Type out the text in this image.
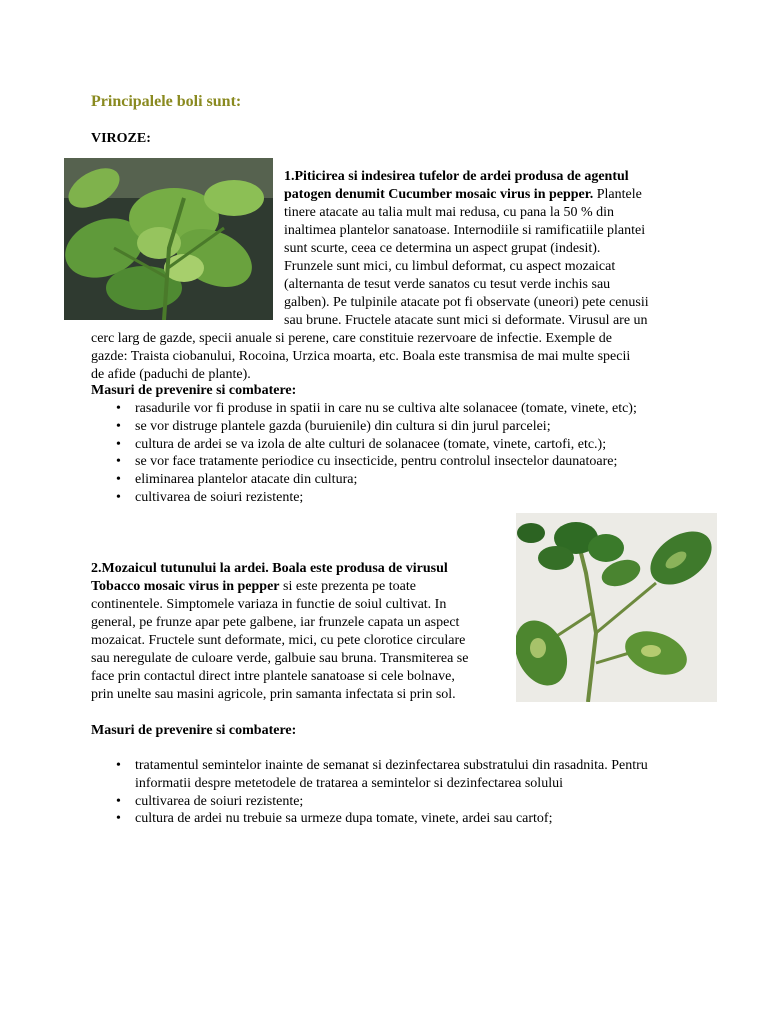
Principalele boli sunt:
VIROZE:
1.Piticirea si indesirea tufelor de ardei produsa de agentul
patogen denumit Cucumber mosaic virus in pepper. Plantele
tinere atacate au talia mult mai redusa, cu pana la 50 % din
inaltimea plantelor sanatoase. Internodiile si ramificatiile plantei
sunt scurte, ceea ce determina un aspect grupat (indesit).
Frunzele sunt mici, cu limbul deformat, cu aspect mozaicat
(alternanta de tesut verde sanatos cu tesut verde inchis sau
galben). Pe tulpinile atacate pot fi observate (uneori) pete cenusii
sau brune. Fructele atacate sunt mici si deformate. Virusul are un
cerc larg de gazde, specii anuale si perene, care constituie rezervoare de infectie. Exemple de
gazde: Traista ciobanului, Rocoina, Urzica moarta, etc. Boala este transmisa de mai multe specii
de afide (paduchi de plante).
Masuri de prevenire si combatere:
• rasadurile vor fi produse in spatii in care nu se cultiva alte solanacee (tomate, vinete, etc);
• se vor distruge plantele gazda (buruienile) din cultura si din jurul parcelei;
• cultura de ardei se va izola de alte culturi de solanacee (tomate, vinete, cartofi, etc.);
• se vor face tratamente periodice cu insecticide, pentru controlul insectelor daunatoare;
• eliminarea plantelor atacate din cultura;
• cultivarea de soiuri rezistente;
2.Mozaicul tutunului la ardei. Boala este produsa de virusul
Tobacco mosaic virus in pepper si este prezenta pe toate
continentele. Simptomele variaza in functie de soiul cultivat. In
general, pe frunze apar pete galbene, iar frunzele capata un aspect
mozaicat. Fructele sunt deformate, mici, cu pete clorotice circulare
sau neregulate de culoare verde, galbuie sau bruna. Transmiterea se
face prin contactul direct intre plantele sanatoase si cele bolnave,
prin unelte sau masini agricole, prin samanta infectata si prin sol.
Masuri de prevenire si combatere:
• tratamentul semintelor inainte de semanat si dezinfectarea substratului din rasadnita. Pentru informatii despre metetodele de tratarea a semintelor si dezinfectarea solului
• cultivarea de soiuri rezistente;
• cultura de ardei nu trebuie sa urmeze dupa tomate, vinete, ardei sau cartof;
